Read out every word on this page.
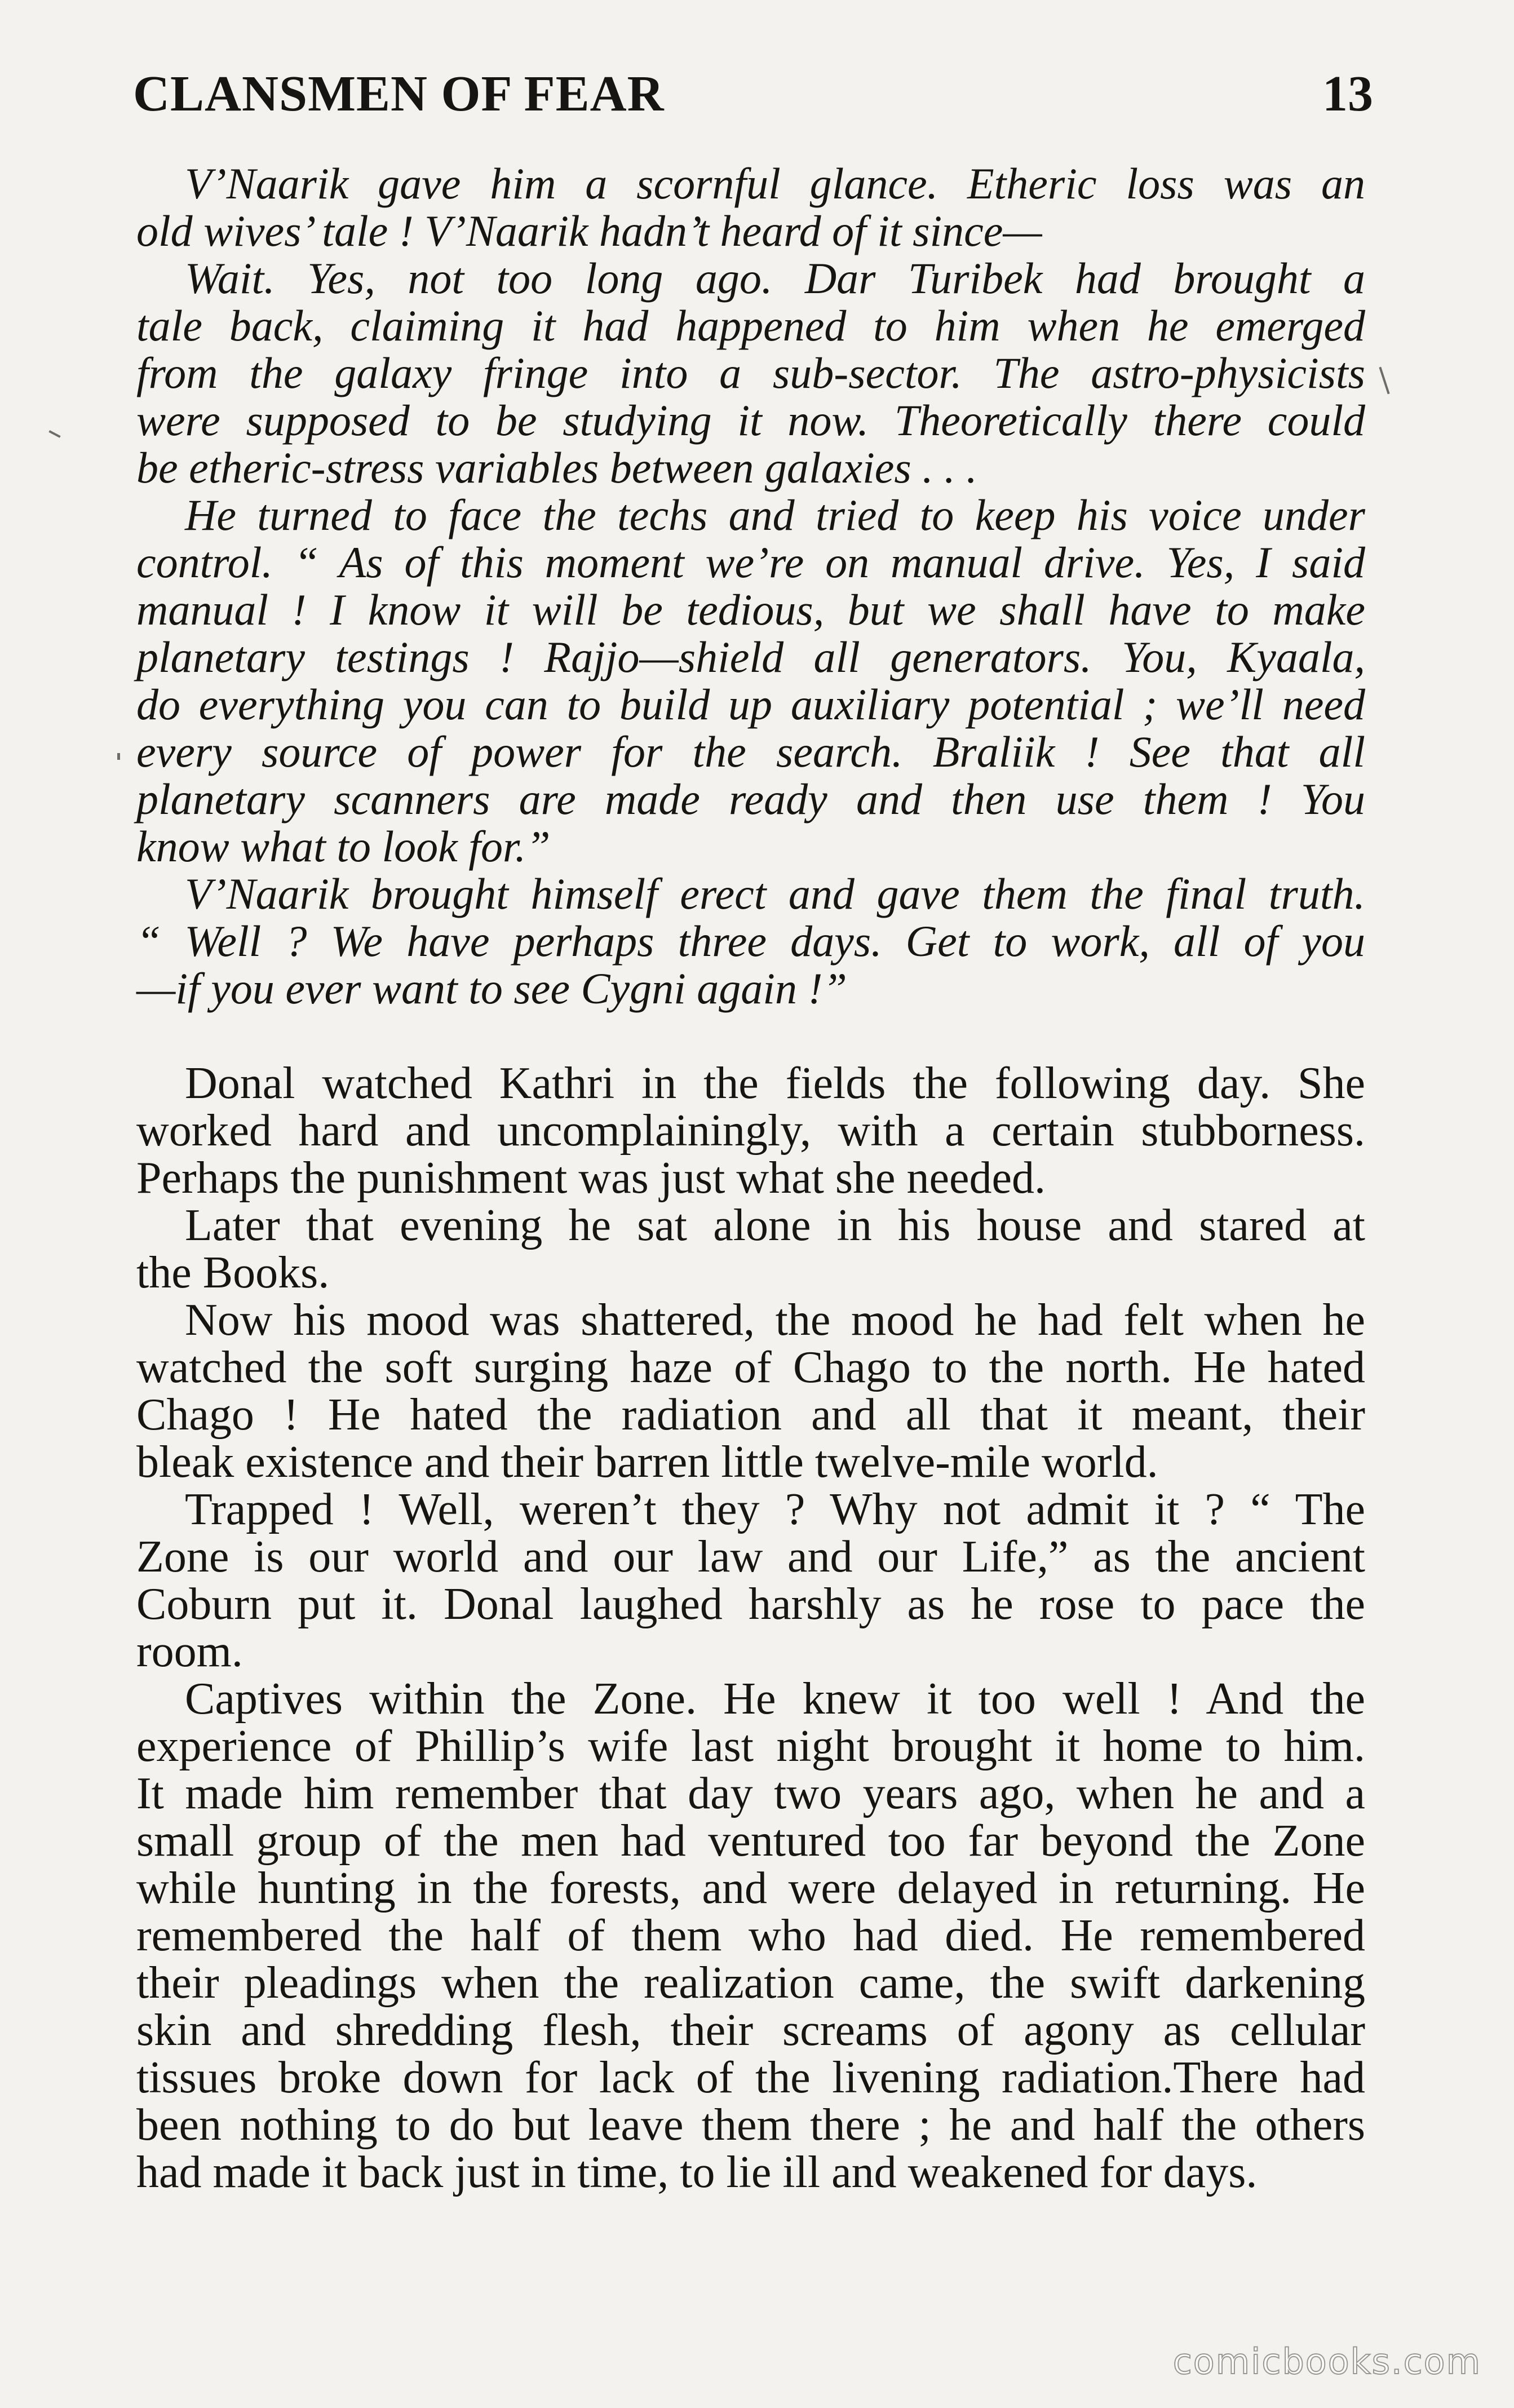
CLANSMEN OF FEAR	13
V’Naarik gave him a scornful glance. Etheric loss was an
old wives’ tale ! V’Naarik hadn’t heard of it since—
Wait. Yes, not too long ago. Dar Turibek had brought a
tale back, claiming it had happened to him when he emerged
from the galaxy fringe into a sub-sector. The astro-physicists
were supposed to be studying it now. Theoretically there could
be etheric-stress variables between galaxies . . .
He turned to face the techs and tried to keep his voice under
control. “ As of this moment we’re on manual drive. Yes, I said
manual ! I know it will be tedious, but we shall have to make
planetary testings ! Rajjo—shield all generators. You, Kyaala,
do everything you can to build up auxiliary potential ; we’ll need
every source of power for the search. Braliik ! See that all
planetary scanners are made ready and then use them ! You
know what to look for.”
V’Naarik brought himself erect and gave them the final truth.
“ Well ? We have perhaps three days. Get to work, all of you
—if you ever want to see Cygni again !”
Donal watched Kathri in the fields the following day. She
worked hard and uncomplainingly, with a certain stubborness.
Perhaps the punishment was just what she needed.
Later that evening he sat alone in his house and stared at
the Books.
Now his mood was shattered, the mood he had felt when he
watched the soft surging haze of Chago to the north. He hated
Chago ! He hated the radiation and all that it meant, their
bleak existence and their barren little twelve-mile world.
Trapped ! Well, weren’t they ? Why not admit it ? “ The
Zone is our world and our law and our Life,” as the ancient
Coburn put it. Donal laughed harshly as he rose to pace the
room.
Captives within the Zone. He knew it too well ! And the
experience of Phillip’s wife last night brought it home to him.
It made him remember that day two years ago, when he and a
small group of the men had ventured too far beyond the Zone
while hunting in the forests, and were delayed in returning. He
remembered the half of them who had died. He remembered
their pleadings when the realization came, the swift darkening
skin and shredding flesh, their screams of agony as cellular
tissues broke down for lack of the livening radiation.There had
been nothing to do but leave them there ; he and half the others
had made it back just in time, to lie ill and weakened for days.
comicbooks.com
